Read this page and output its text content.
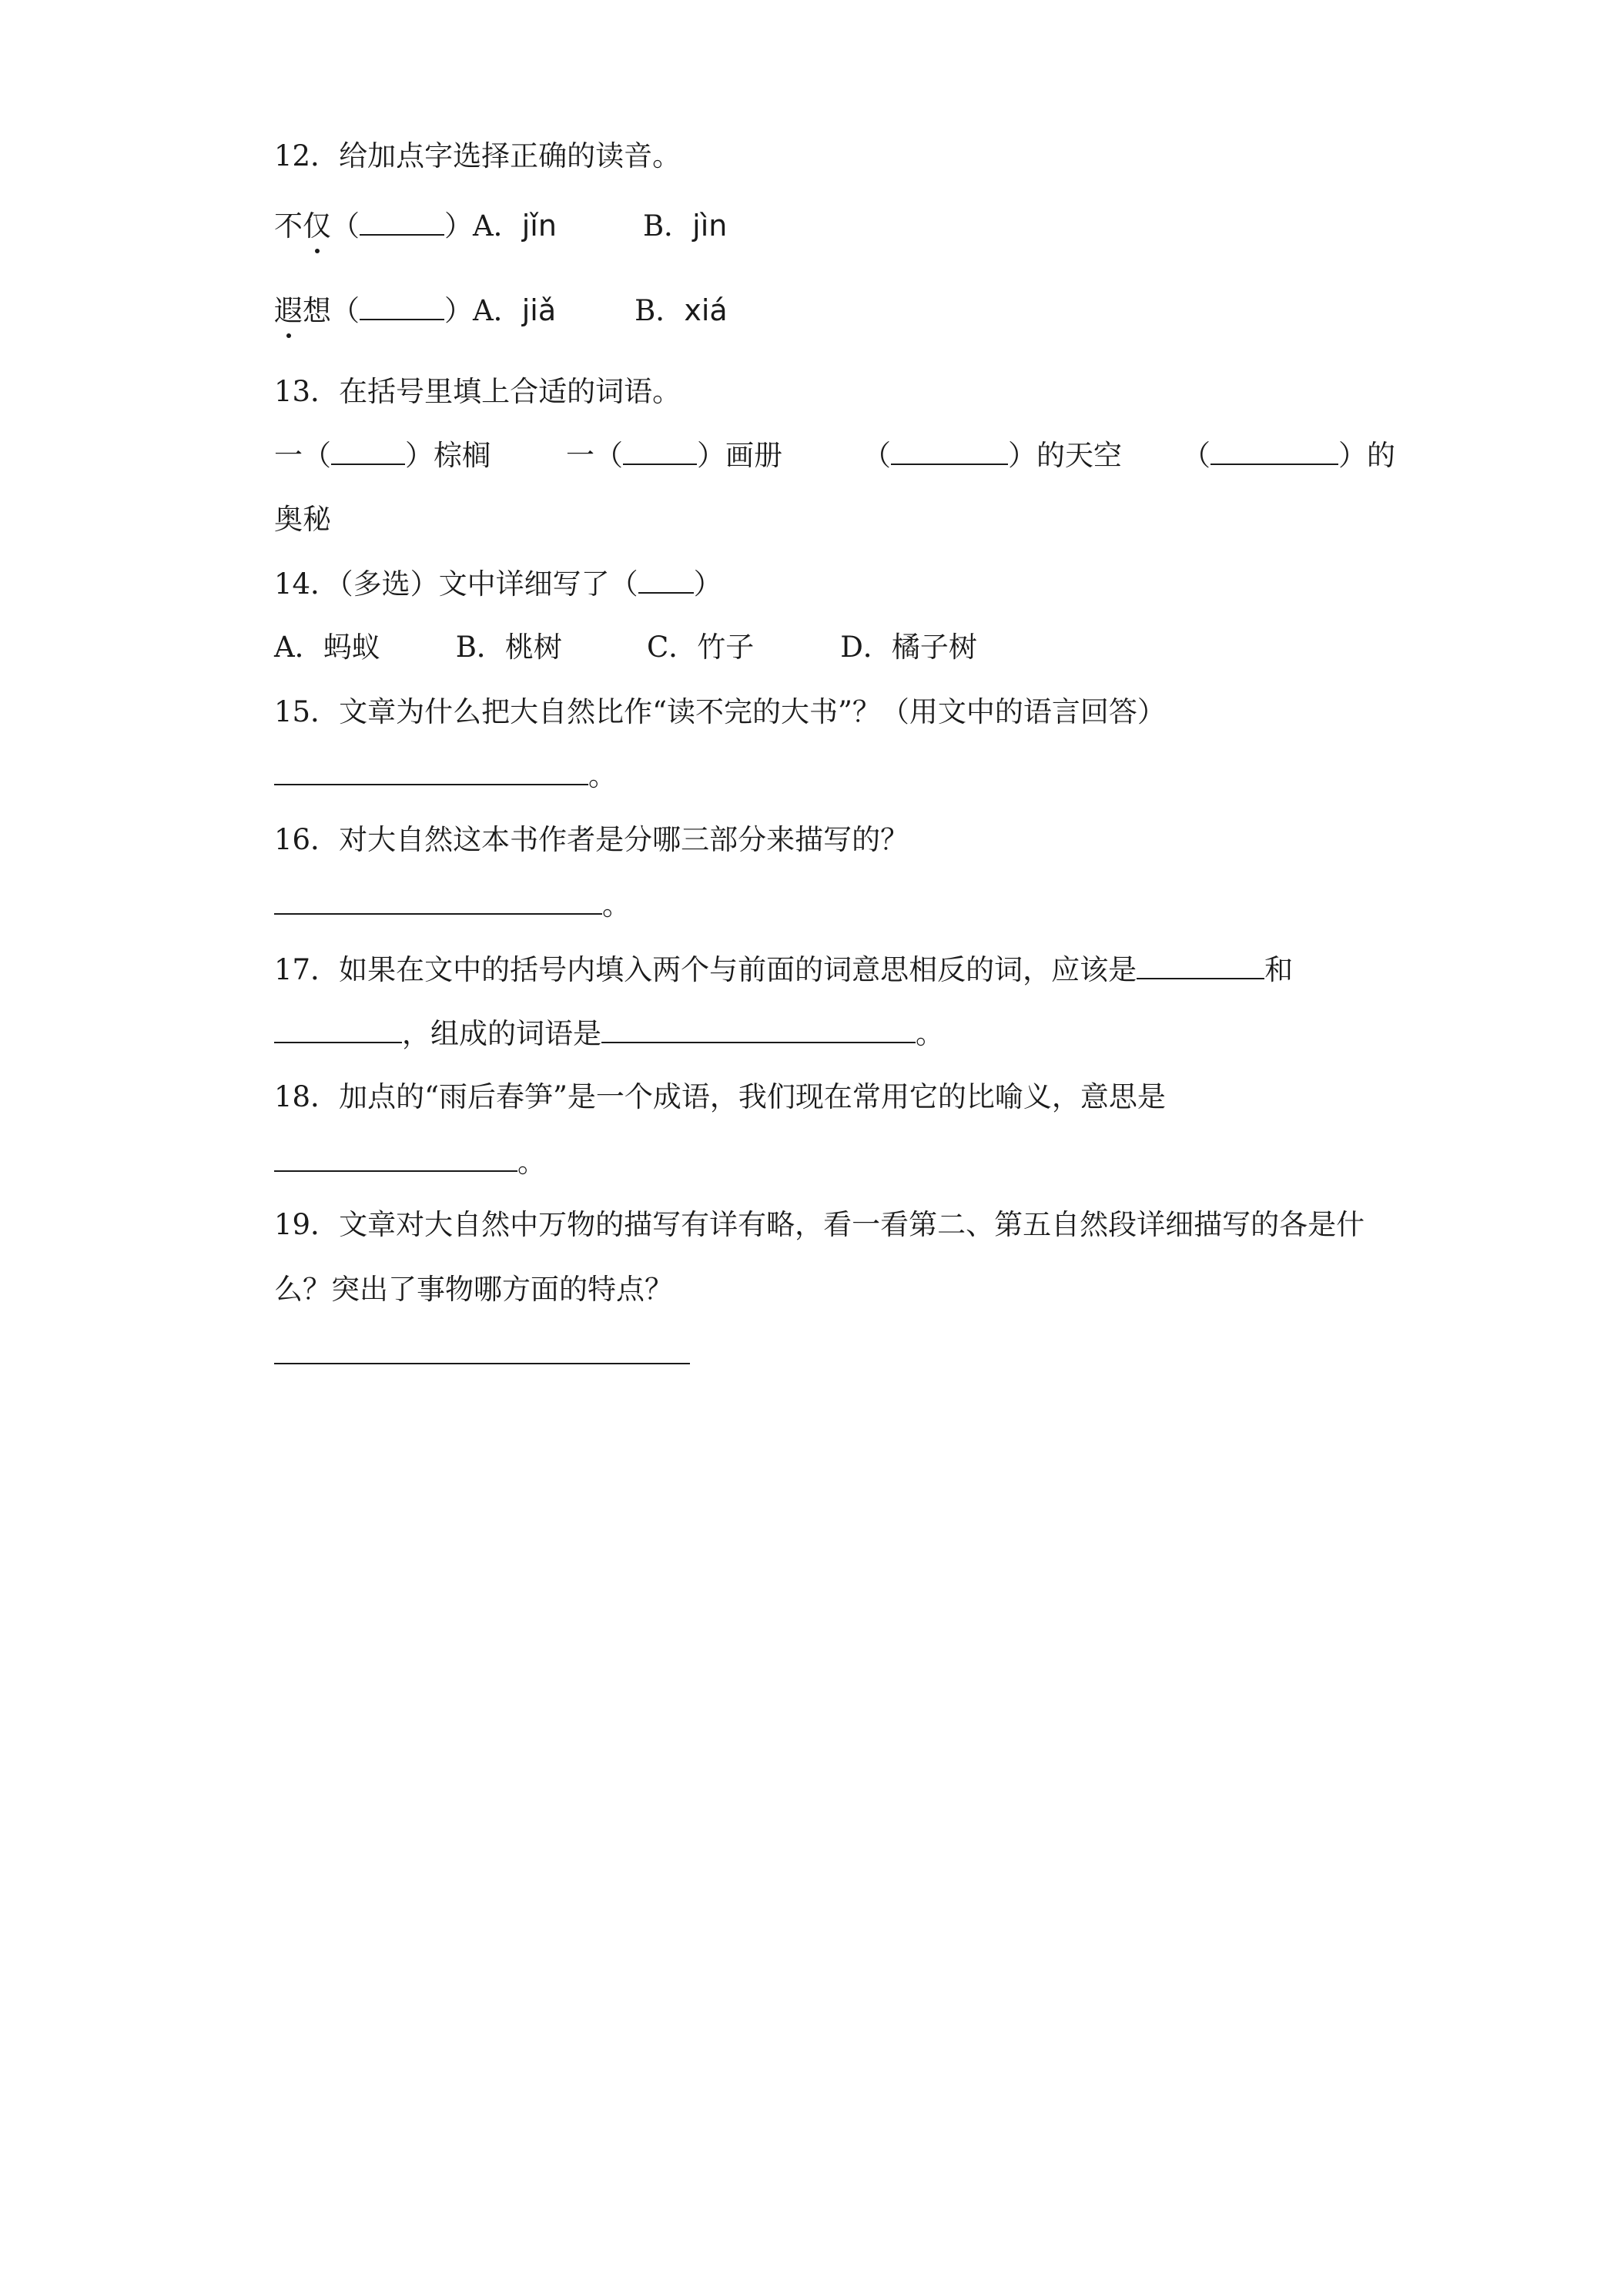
12．给加点字选择正确的读音。
不仅（	）A．jǐn	B．jìn
遐想（	）A．jiǎ	B．xiá
13．在括号里填上合适的词语。
一（	）棕榈	一（	）画册	（	）的天空 （	）的
奥秘
14．（多选）文中详细写了（ ）
A．蚂蚁	B．桃树	C．竹子	D．橘子树
15．文章为什么把大自然比作“读不完的大书”？（用文中的语言回答）
。
16．对大自然这本书作者是分哪三部分来描写的？
。
17．如果在文中的括号内填入两个与前面的词意思相反的词，应该是	和
，组成的词语是	。
18．加点的“雨后春笋”是一个成语，我们现在常用它的比喻义，意思是
。
19．文章对大自然中万物的描写有详有略，看一看第二、第五自然段详细描写的各是什
么？突出了事物哪方面的特点？
